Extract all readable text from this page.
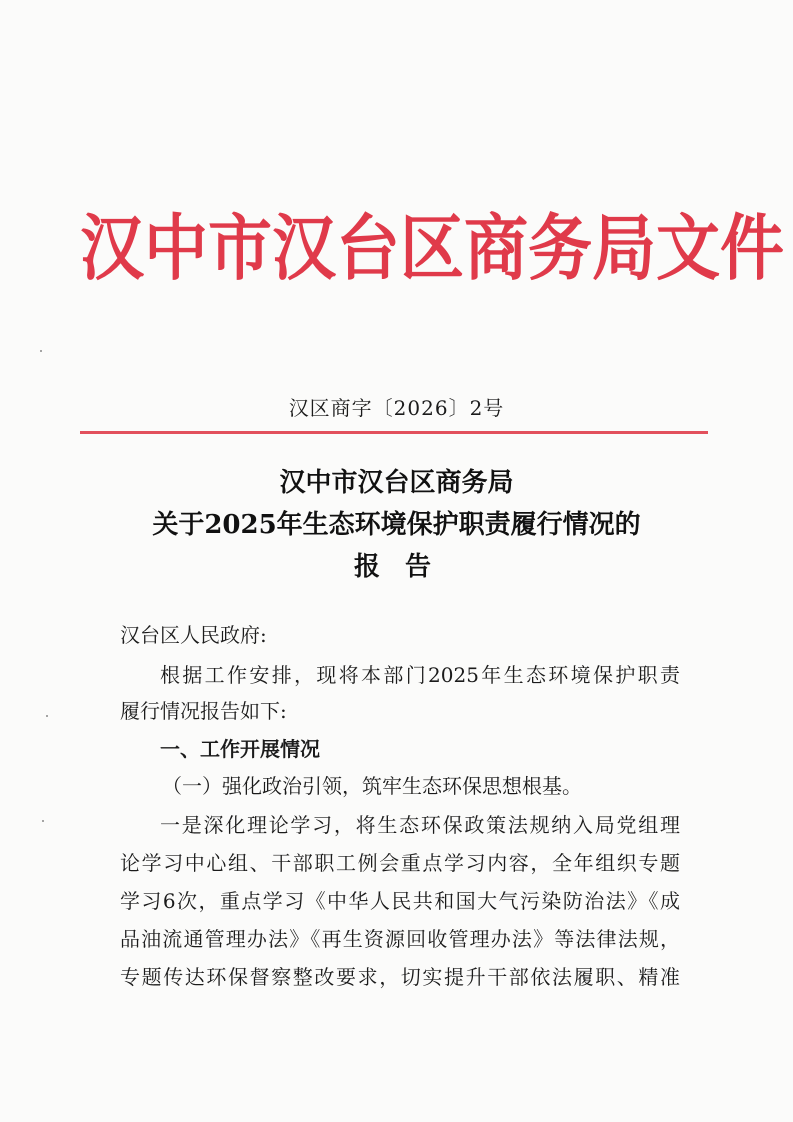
汉中市汉台区商务局文件
汉区商字〔2026〕2号
汉中市汉台区商务局
关于2025年生态环境保护职责履行情况的
报 告
汉台区人民政府:
根据工作安排，现将本部门2025年生态环境保护职责
履行情况报告如下:
一、工作开展情况
（一）强化政治引领，筑牢生态环保思想根基。
一是深化理论学习，将生态环保政策法规纳入局党组理
论学习中心组、干部职工例会重点学习内容，全年组织专题
学习6次，重点学习《中华人民共和国大气污染防治法》《成
品油流通管理办法》《再生资源回收管理办法》等法律法规，
专题传达环保督察整改要求，切实提升干部依法履职、精准
